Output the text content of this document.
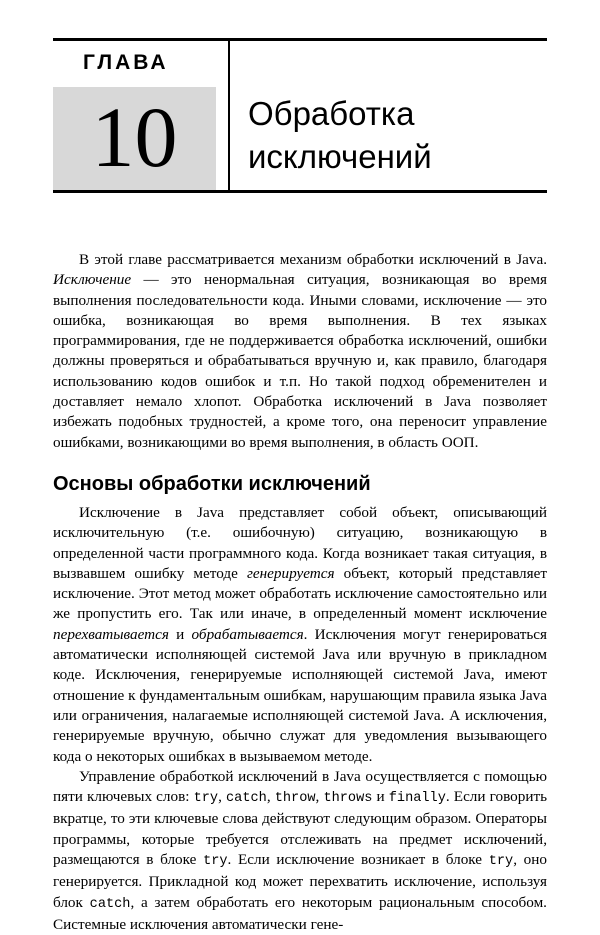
ГЛАВА
10	Обработка
исключений

В этой главе рассматривается механизм обработки исключений в Java. Исключение — это ненормальная ситуация, возникающая во время выполнения последовательности кода. Иными словами, исключение — это ошибка, возникающая во время выполнения. В тех языках программирования, где не поддерживается обработка исключений, ошибки должны проверяться и обрабатываться вручную и, как правило, благодаря использованию кодов ошибок и т.п. Но такой подход обременителен и доставляет немало хлопот. Обработка исключений в Java позволяет избежать подобных трудностей, а кроме того, она переносит управление ошибками, возникающими во время выполнения, в область ООП.

Основы обработки исключений

Исключение в Java представляет собой объект, описывающий исключительную (т.е. ошибочную) ситуацию, возникающую в определенной части программного кода. Когда возникает такая ситуация, в вызвавшем ошибку методе генерируется объект, который представляет исключение. Этот метод может обработать исключение самостоятельно или же пропустить его. Так или иначе, в определенный момент исключение перехватывается и обрабатывается. Исключения могут генерироваться автоматически исполняющей системой Java или вручную в прикладном коде. Исключения, генерируемые исполняющей системой Java, имеют отношение к фундаментальным ошибкам, нарушающим правила языка Java или ограничения, налагаемые исполняющей системой Java. А исключения, генерируемые вручную, обычно служат для уведомления вызывающего кода о некоторых ошибках в вызываемом методе.

Управление обработкой исключений в Java осуществляется с помощью пяти ключевых слов: try, catch, throw, throws и finally. Если говорить вкратце, то эти ключевые слова действуют следующим образом. Операторы программы, которые требуется отслеживать на предмет исключений, размещаются в блоке try. Если исключение возникает в блоке try, оно генерируется. Прикладной код может перехватить исключение, используя блок catch, а затем обработать его некоторым рациональным способом. Системные исключения автоматически гене-
